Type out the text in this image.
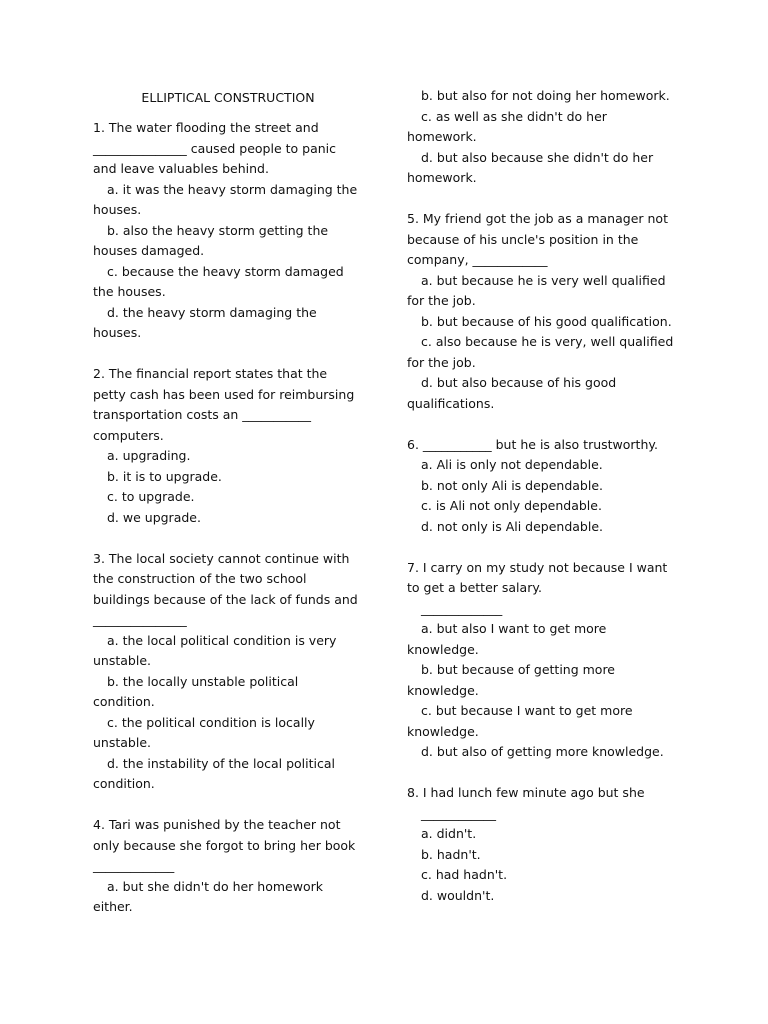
ELLIPTICAL CONSTRUCTION
1. The water flooding the street and
_______________ caused people to panic
and leave valuables behind.
a. it was the heavy storm damaging the
houses.
b. also the heavy storm getting the
houses damaged.
c. because the heavy storm damaged
the houses.
d. the heavy storm damaging the
houses.

2. The financial report states that the
petty cash has been used for reimbursing
transportation costs an ___________
computers.
a. upgrading.
b. it is to upgrade.
c. to upgrade.
d. we upgrade.

3. The local society cannot continue with
the construction of the two school
buildings because of the lack of funds and
_______________
a. the local political condition is very
unstable.
b. the locally unstable political
condition.
c. the political condition is locally
unstable.
d. the instability of the local political
condition.

4. Tari was punished by the teacher not
only because she forgot to bring her book
_____________
a. but she didn't do her homework
either.
b. but also for not doing her homework.
c. as well as she didn't do her
homework.
d. but also because she didn't do her
homework.

5. My friend got the job as a manager not
because of his uncle's position in the
company, ____________
a. but because he is very well qualified
for the job.
b. but because of his good qualification.
c. also because he is very, well qualified
for the job.
d. but also because of his good
qualifications.

6. ___________ but he is also trustworthy.
a. Ali is only not dependable.
b. not only Ali is dependable.
c. is Ali not only dependable.
d. not only is Ali dependable.

7. I carry on my study not because I want
to get a better salary.
_____________
a. but also I want to get more
knowledge.
b. but because of getting more
knowledge.
c. but because I want to get more
knowledge.
d. but also of getting more knowledge.

8. I had lunch few minute ago but she
____________
a. didn't.
b. hadn't.
c. had hadn't.
d. wouldn't.
